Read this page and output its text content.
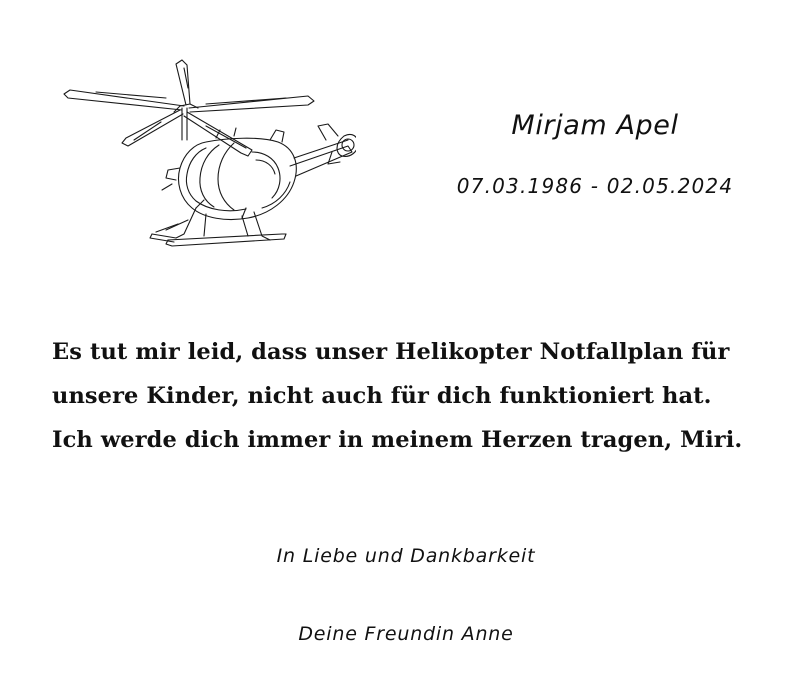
Mirjam Apel
07.03.1986 - 02.05.2024
Es tut mir leid, dass unser Helikopter Notfallplan für
unsere Kinder, nicht auch für dich funktioniert hat.
Ich werde dich immer in meinem Herzen tragen, Miri.
In Liebe und Dankbarkeit
Deine Freundin Anne
